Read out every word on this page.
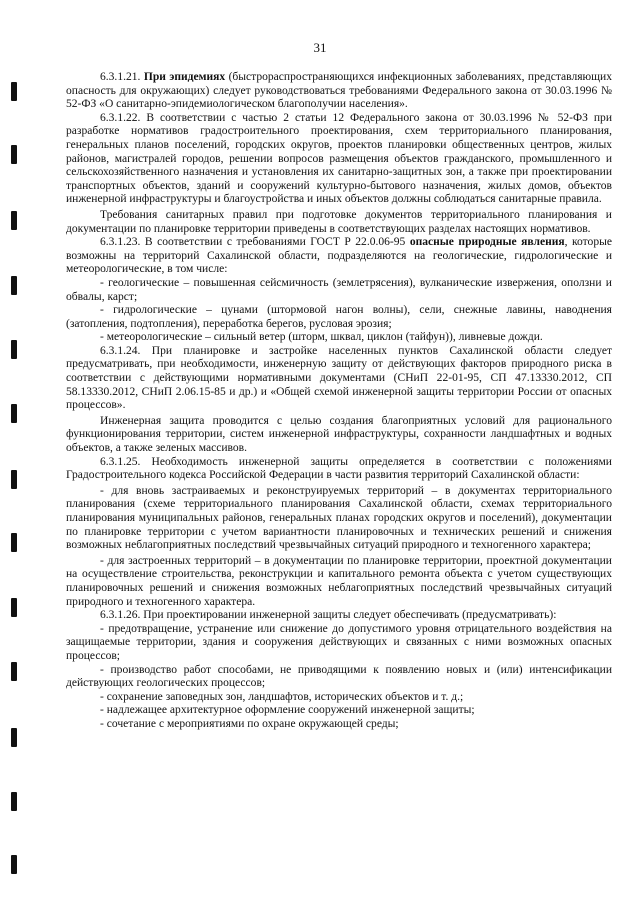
31

6.3.1.21. При эпидемиях (быстрораспространяющихся инфекционных заболеваниях, представляющих опасность для окружающих) следует руководствоваться требованиями Федерального закона от 30.03.1996 № 52-ФЗ «О санитарно-эпидемиологическом благополучии населения».

6.3.1.22. В соответствии с частью 2 статьи 12 Федерального закона от 30.03.1996 № 52-ФЗ при разработке нормативов градостроительного проектирования, схем территориального планирования, генеральных планов поселений, городских округов, проектов планировки общественных центров, жилых районов, магистралей городов, решении вопросов размещения объектов гражданского, промышленного и сельскохозяйственного назначения и установления их санитарно-защитных зон, а также при проектировании транспортных объектов, зданий и сооружений культурно-бытового назначения, жилых домов, объектов инженерной инфраструктуры и благоустройства и иных объектов должны соблюдаться санитарные правила.

Требования санитарных правил при подготовке документов территориального планирования и документации по планировке территории приведены в соответствующих разделах настоящих нормативов.

6.3.1.23. В соответствии с требованиями ГОСТ Р 22.0.06-95 опасные природные явления, которые возможны на территорий Сахалинской области, подразделяются на геологические, гидрологические и метеорологические, в том числе:

- геологические – повышенная сейсмичность (землетрясения), вулканические извержения, оползни и обвалы, карст;

- гидрологические – цунами (штормовой нагон волны), сели, снежные лавины, наводнения (затопления, подтопления), переработка берегов, русловая эрозия;

- метеорологические – сильный ветер (шторм, шквал, циклон (тайфун)), ливневые дожди.

6.3.1.24. При планировке и застройке населенных пунктов Сахалинской области следует предусматривать, при необходимости, инженерную защиту от действующих факторов природного риска в соответствии с действующими нормативными документами (СНиП 22-01-95, СП 47.13330.2012, СП 58.13330.2012, СНиП 2.06.15-85 и др.) и «Общей схемой инженерной защиты территории России от опасных процессов».

Инженерная защита проводится с целью создания благоприятных условий для рационального функционирования территории, систем инженерной инфраструктуры, сохранности ландшафтных и водных объектов, а также зеленых массивов.

6.3.1.25. Необходимость инженерной защиты определяется в соответствии с положениями Градостроительного кодекса Российской Федерации в части развития территорий Сахалинской области:

- для вновь застраиваемых и реконструируемых территорий – в документах территориального планирования (схеме территориального планирования Сахалинской области, схемах территориального планирования муниципальных районов, генеральных планах городских округов и поселений), документации по планировке территории с учетом вариантности планировочных и технических решений и снижения возможных неблагоприятных последствий чрезвычайных ситуаций природного и техногенного характера;

- для застроенных территорий – в документации по планировке территории, проектной документации на осуществление строительства, реконструкции и капитального ремонта объекта с учетом существующих планировочных решений и снижения возможных неблагоприятных последствий чрезвычайных ситуаций природного и техногенного характера.

6.3.1.26. При проектировании инженерной защиты следует обеспечивать (предусматривать):

- предотвращение, устранение или снижение до допустимого уровня отрицательного воздействия на защищаемые территории, здания и сооружения действующих и связанных с ними возможных опасных процессов;

- производство работ способами, не приводящими к появлению новых и (или) интенсификации действующих геологических процессов;

- сохранение заповедных зон, ландшафтов, исторических объектов и т. д.;

- надлежащее архитектурное оформление сооружений инженерной защиты;

- сочетание с мероприятиями по охране окружающей среды;
